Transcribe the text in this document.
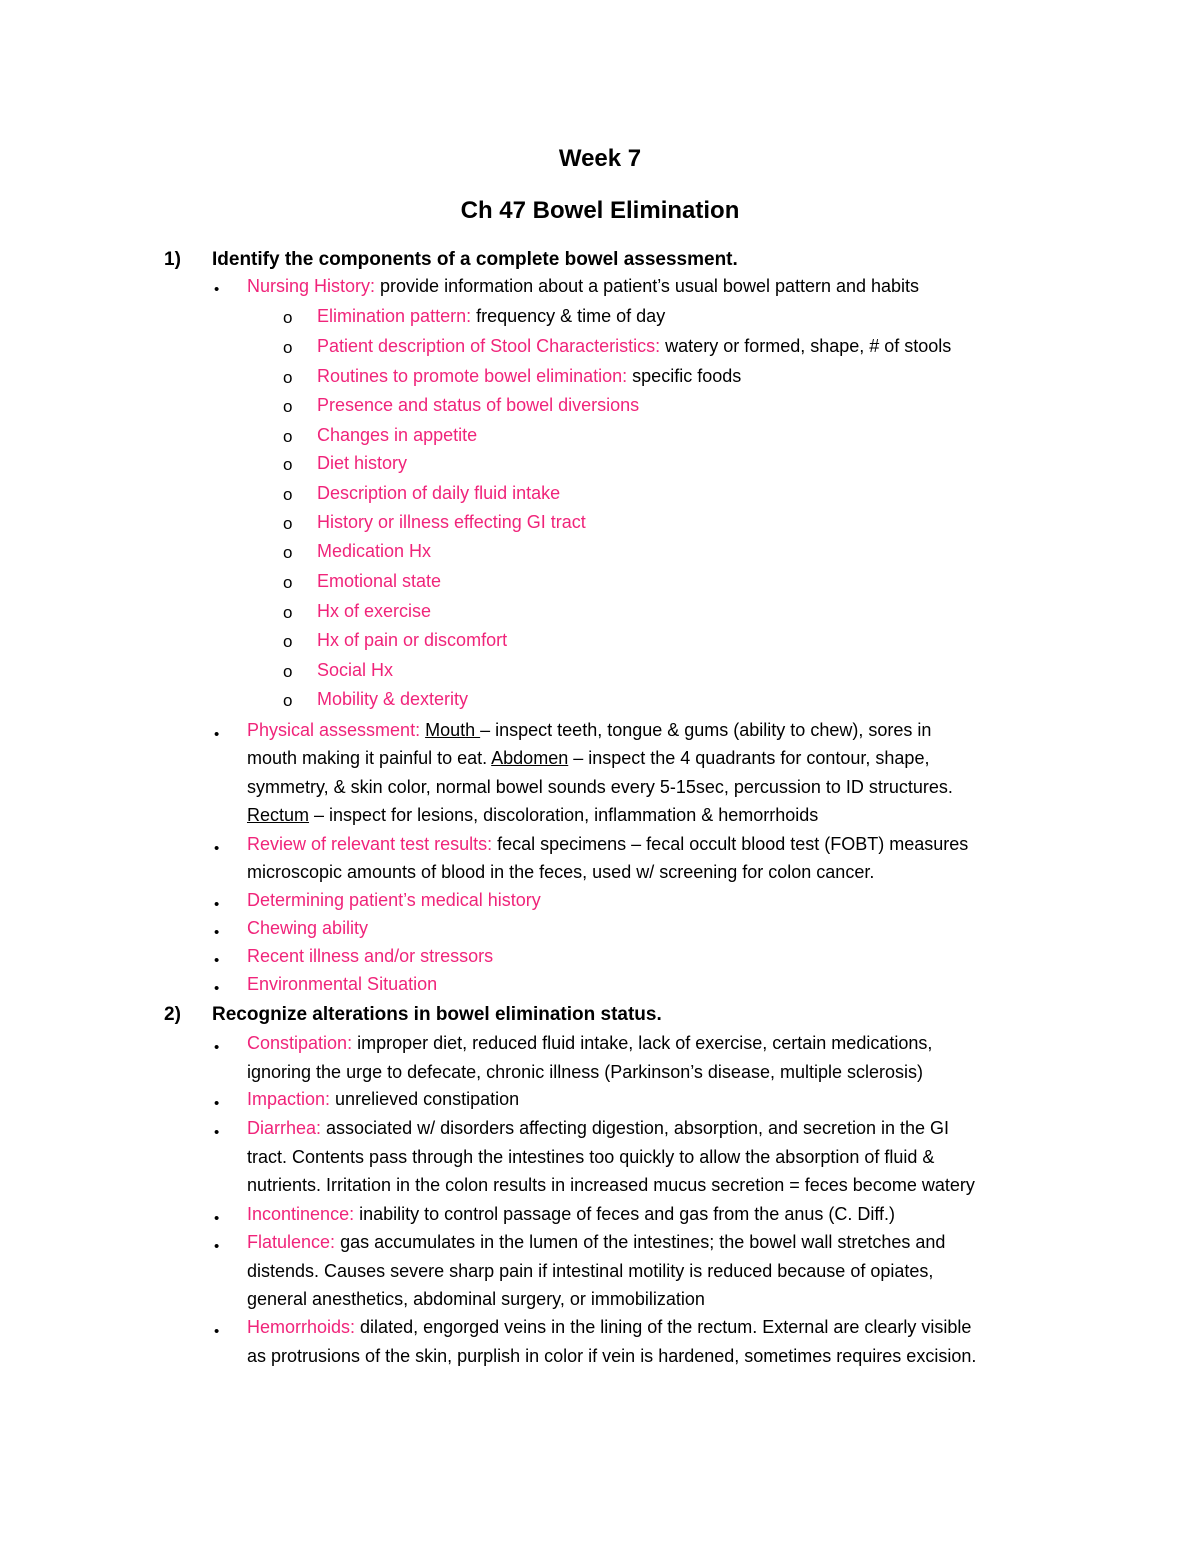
Week 7
Ch 47 Bowel Elimination
1) Identify the components of a complete bowel assessment.
• Nursing History: provide information about a patient’s usual bowel pattern and habits
o Elimination pattern: frequency & time of day
o Patient description of Stool Characteristics: watery or formed, shape, # of stools
o Routines to promote bowel elimination: specific foods
o Presence and status of bowel diversions
o Changes in appetite
o Diet history
o Description of daily fluid intake
o History or illness effecting GI tract
o Medication Hx
o Emotional state
o Hx of exercise
o Hx of pain or discomfort
o Social Hx
o Mobility & dexterity
• Physical assessment: Mouth – inspect teeth, tongue & gums (ability to chew), sores in
mouth making it painful to eat. Abdomen – inspect the 4 quadrants for contour, shape,
symmetry, & skin color, normal bowel sounds every 5-15sec, percussion to ID structures.
Rectum – inspect for lesions, discoloration, inflammation & hemorrhoids
• Review of relevant test results: fecal specimens – fecal occult blood test (FOBT) measures
microscopic amounts of blood in the feces, used w/ screening for colon cancer.
• Determining patient’s medical history
• Chewing ability
• Recent illness and/or stressors
• Environmental Situation
2) Recognize alterations in bowel elimination status.
• Constipation: improper diet, reduced fluid intake, lack of exercise, certain medications,
ignoring the urge to defecate, chronic illness (Parkinson’s disease, multiple sclerosis)
• Impaction: unrelieved constipation
• Diarrhea: associated w/ disorders affecting digestion, absorption, and secretion in the GI
tract. Contents pass through the intestines too quickly to allow the absorption of fluid &
nutrients. Irritation in the colon results in increased mucus secretion = feces become watery
• Incontinence: inability to control passage of feces and gas from the anus (C. Diff.)
• Flatulence: gas accumulates in the lumen of the intestines; the bowel wall stretches and
distends. Causes severe sharp pain if intestinal motility is reduced because of opiates,
general anesthetics, abdominal surgery, or immobilization
• Hemorrhoids: dilated, engorged veins in the lining of the rectum. External are clearly visible
as protrusions of the skin, purplish in color if vein is hardened, sometimes requires excision.
